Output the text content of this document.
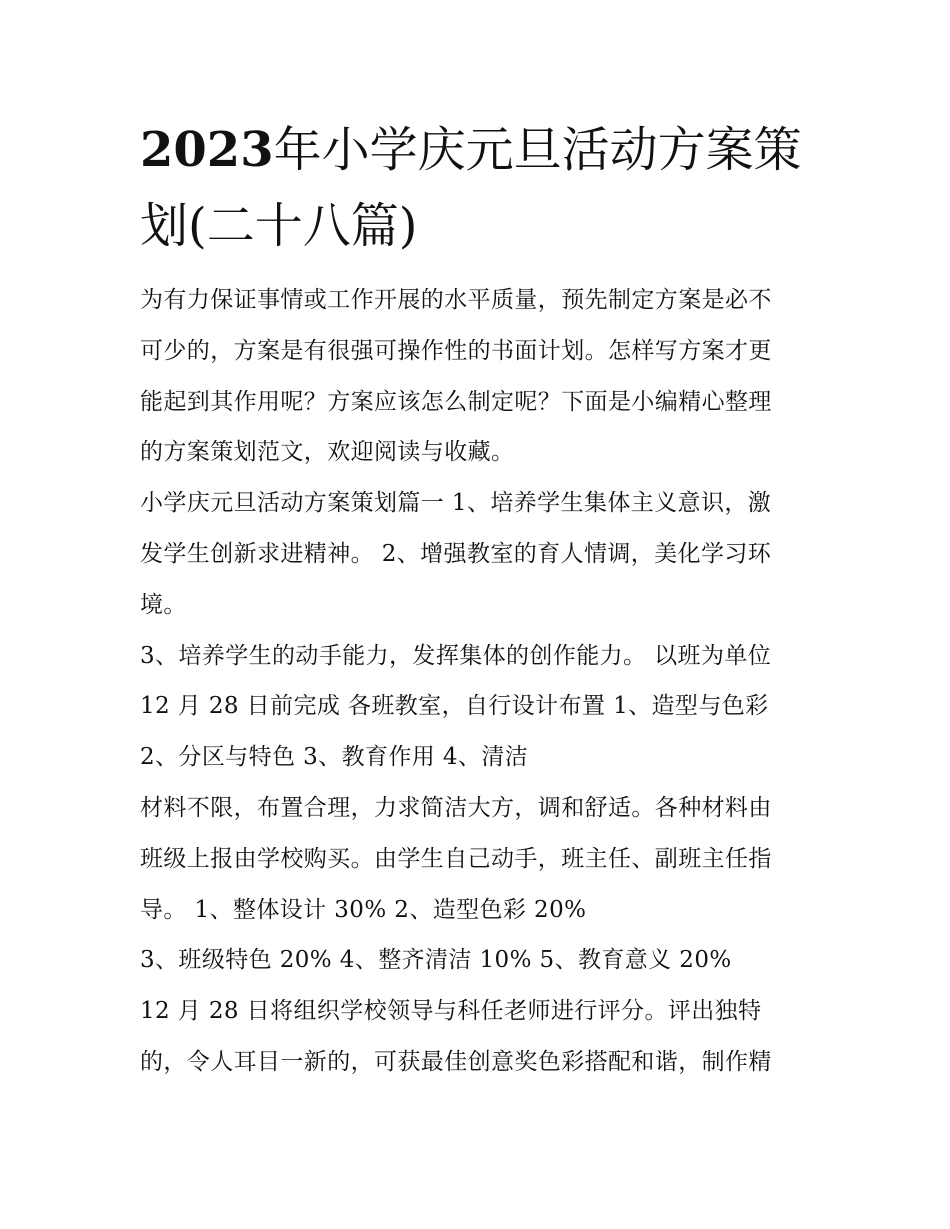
2023年小学庆元旦活动方案策
划(二十八篇)

为有力保证事情或工作开展的水平质量，预先制定方案是必不

可少的，方案是有很强可操作性的书面计划。怎样写方案才更

能起到其作用呢？方案应该怎么制定呢？下面是小编精心整理

的方案策划范文，欢迎阅读与收藏。

小学庆元旦活动方案策划篇一 1、培养学生集体主义意识，激

发学生创新求进精神。 2、增强教室的育人情调，美化学习环

境。

3、培养学生的动手能力，发挥集体的创作能力。 以班为单位

12 月 28 日前完成 各班教室，自行设计布置 1、造型与色彩

2、分区与特色 3、教育作用 4、清洁

材料不限，布置合理，力求简洁大方，调和舒适。各种材料由

班级上报由学校购买。由学生自己动手，班主任、副班主任指

导。 1、整体设计 30% 2、造型色彩 20%

3、班级特色 20% 4、整齐清洁 10% 5、教育意义 20%

12 月 28 日将组织学校领导与科任老师进行评分。评出独特

的，令人耳目一新的，可获最佳创意奖色彩搭配和谐，制作精
